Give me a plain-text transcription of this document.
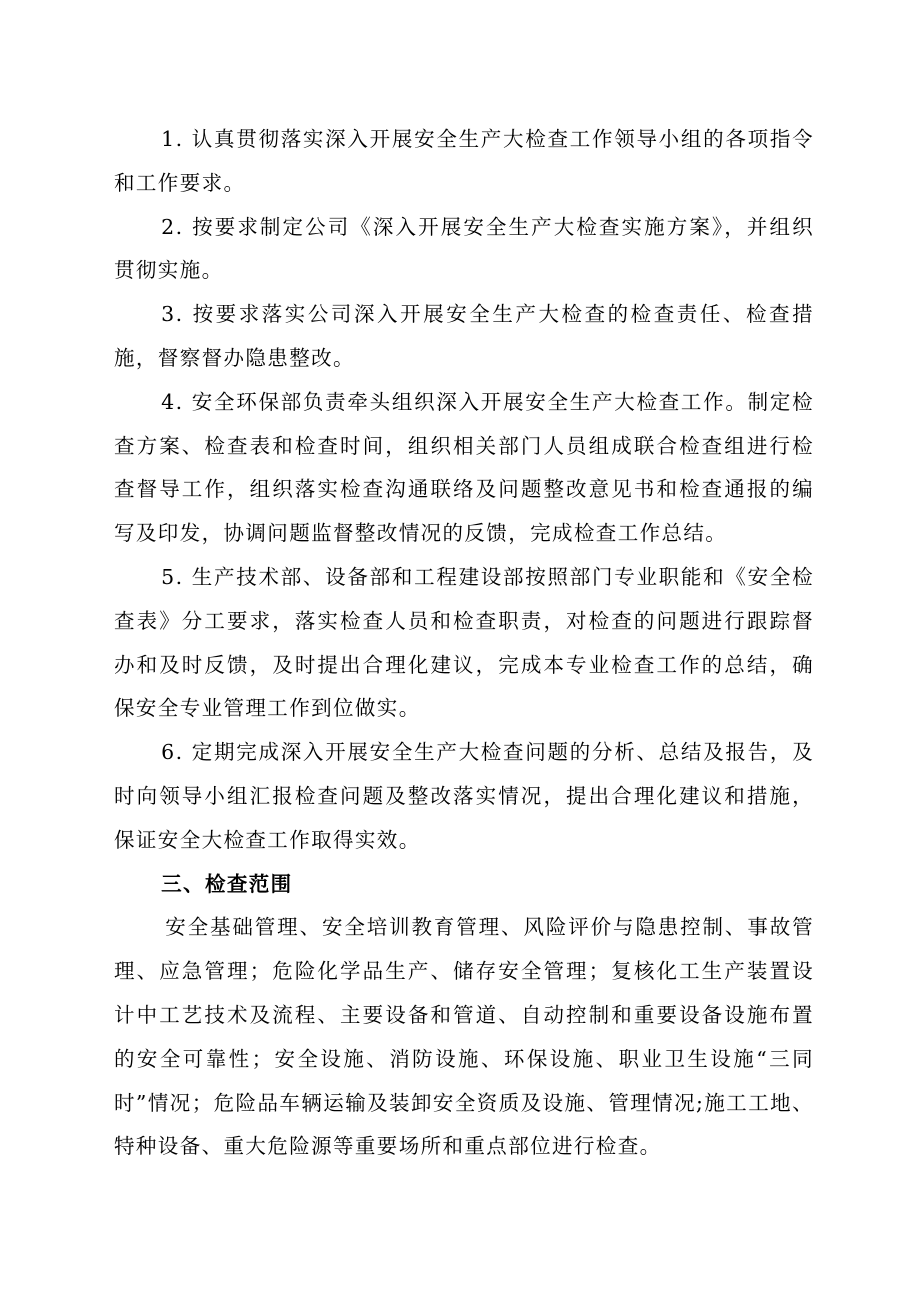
1. 认真贯彻落实深入开展安全生产大检查工作领导小组的各项指令和工作要求。

2. 按要求制定公司《深入开展安全生产大检查实施方案》，并组织贯彻实施。

3. 按要求落实公司深入开展安全生产大检查的检查责任、检查措施，督察督办隐患整改。

4. 安全环保部负责牵头组织深入开展安全生产大检查工作。制定检查方案、检查表和检查时间，组织相关部门人员组成联合检查组进行检查督导工作，组织落实检查沟通联络及问题整改意见书和检查通报的编写及印发，协调问题监督整改情况的反馈，完成检查工作总结。

5. 生产技术部、设备部和工程建设部按照部门专业职能和《安全检查表》分工要求，落实检查人员和检查职责，对检查的问题进行跟踪督办和及时反馈，及时提出合理化建议，完成本专业检查工作的总结，确保安全专业管理工作到位做实。

6. 定期完成深入开展安全生产大检查问题的分析、总结及报告，及时向领导小组汇报检查问题及整改落实情况，提出合理化建议和措施，保证安全大检查工作取得实效。

三、检查范围

安全基础管理、安全培训教育管理、风险评价与隐患控制、事故管理、应急管理；危险化学品生产、储存安全管理；复核化工生产装置设计中工艺技术及流程、主要设备和管道、自动控制和重要设备设施布置的安全可靠性；安全设施、消防设施、环保设施、职业卫生设施“三同时”情况；危险品车辆运输及装卸安全资质及设施、管理情况;施工工地、特种设备、重大危险源等重要场所和重点部位进行检查。
